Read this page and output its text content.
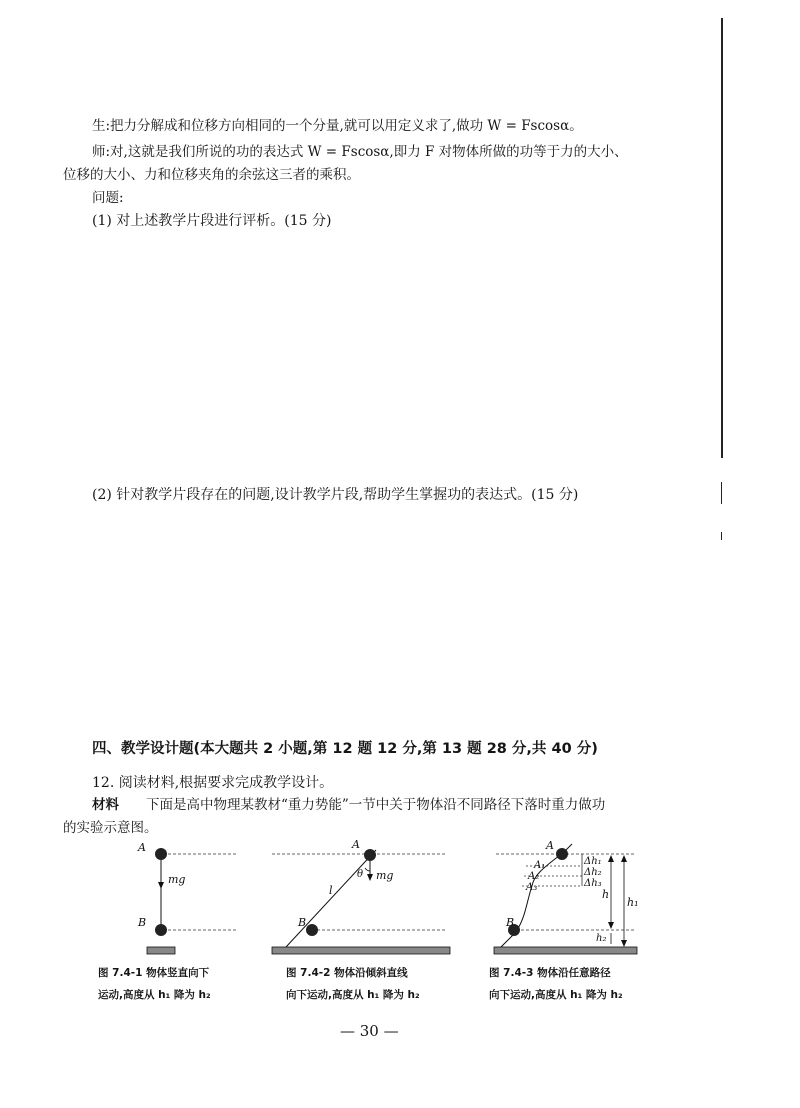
生:把力分解成和位移方向相同的一个分量,就可以用定义求了,做功 W = Fscosα。
师:对,这就是我们所说的功的表达式 W = Fscosα,即力 F 对物体所做的功等于力的大小、
位移的大小、力和位移夹角的余弦这三者的乘积。
问题:
(1) 对上述教学片段进行评析。(15 分)
(2) 针对教学片段存在的问题,设计教学片段,帮助学生掌握功的表达式。(15 分)
四、教学设计题(本大题共 2 小题,第 12 题 12 分,第 13 题 28 分,共 40 分)
12. 阅读材料,根据要求完成教学设计。
材料 下面是高中物理某教材“重力势能”一节中关于物体沿不同路径下落时重力做功
的实验示意图。
A
mg
B
图 7.4-1 物体竖直向下
运动,高度从 h₁ 降为 h₂
A
θ mg
l
B
图 7.4-2 物体沿倾斜直线
向下运动,高度从 h₁ 降为 h₂
A
A₁
A₂
A₃
Δh₁
Δh₂
Δh₃
h
h₁
B
h₂
图 7.4-3 物体沿任意路径
向下运动,高度从 h₁ 降为 h₂
— 30 —
